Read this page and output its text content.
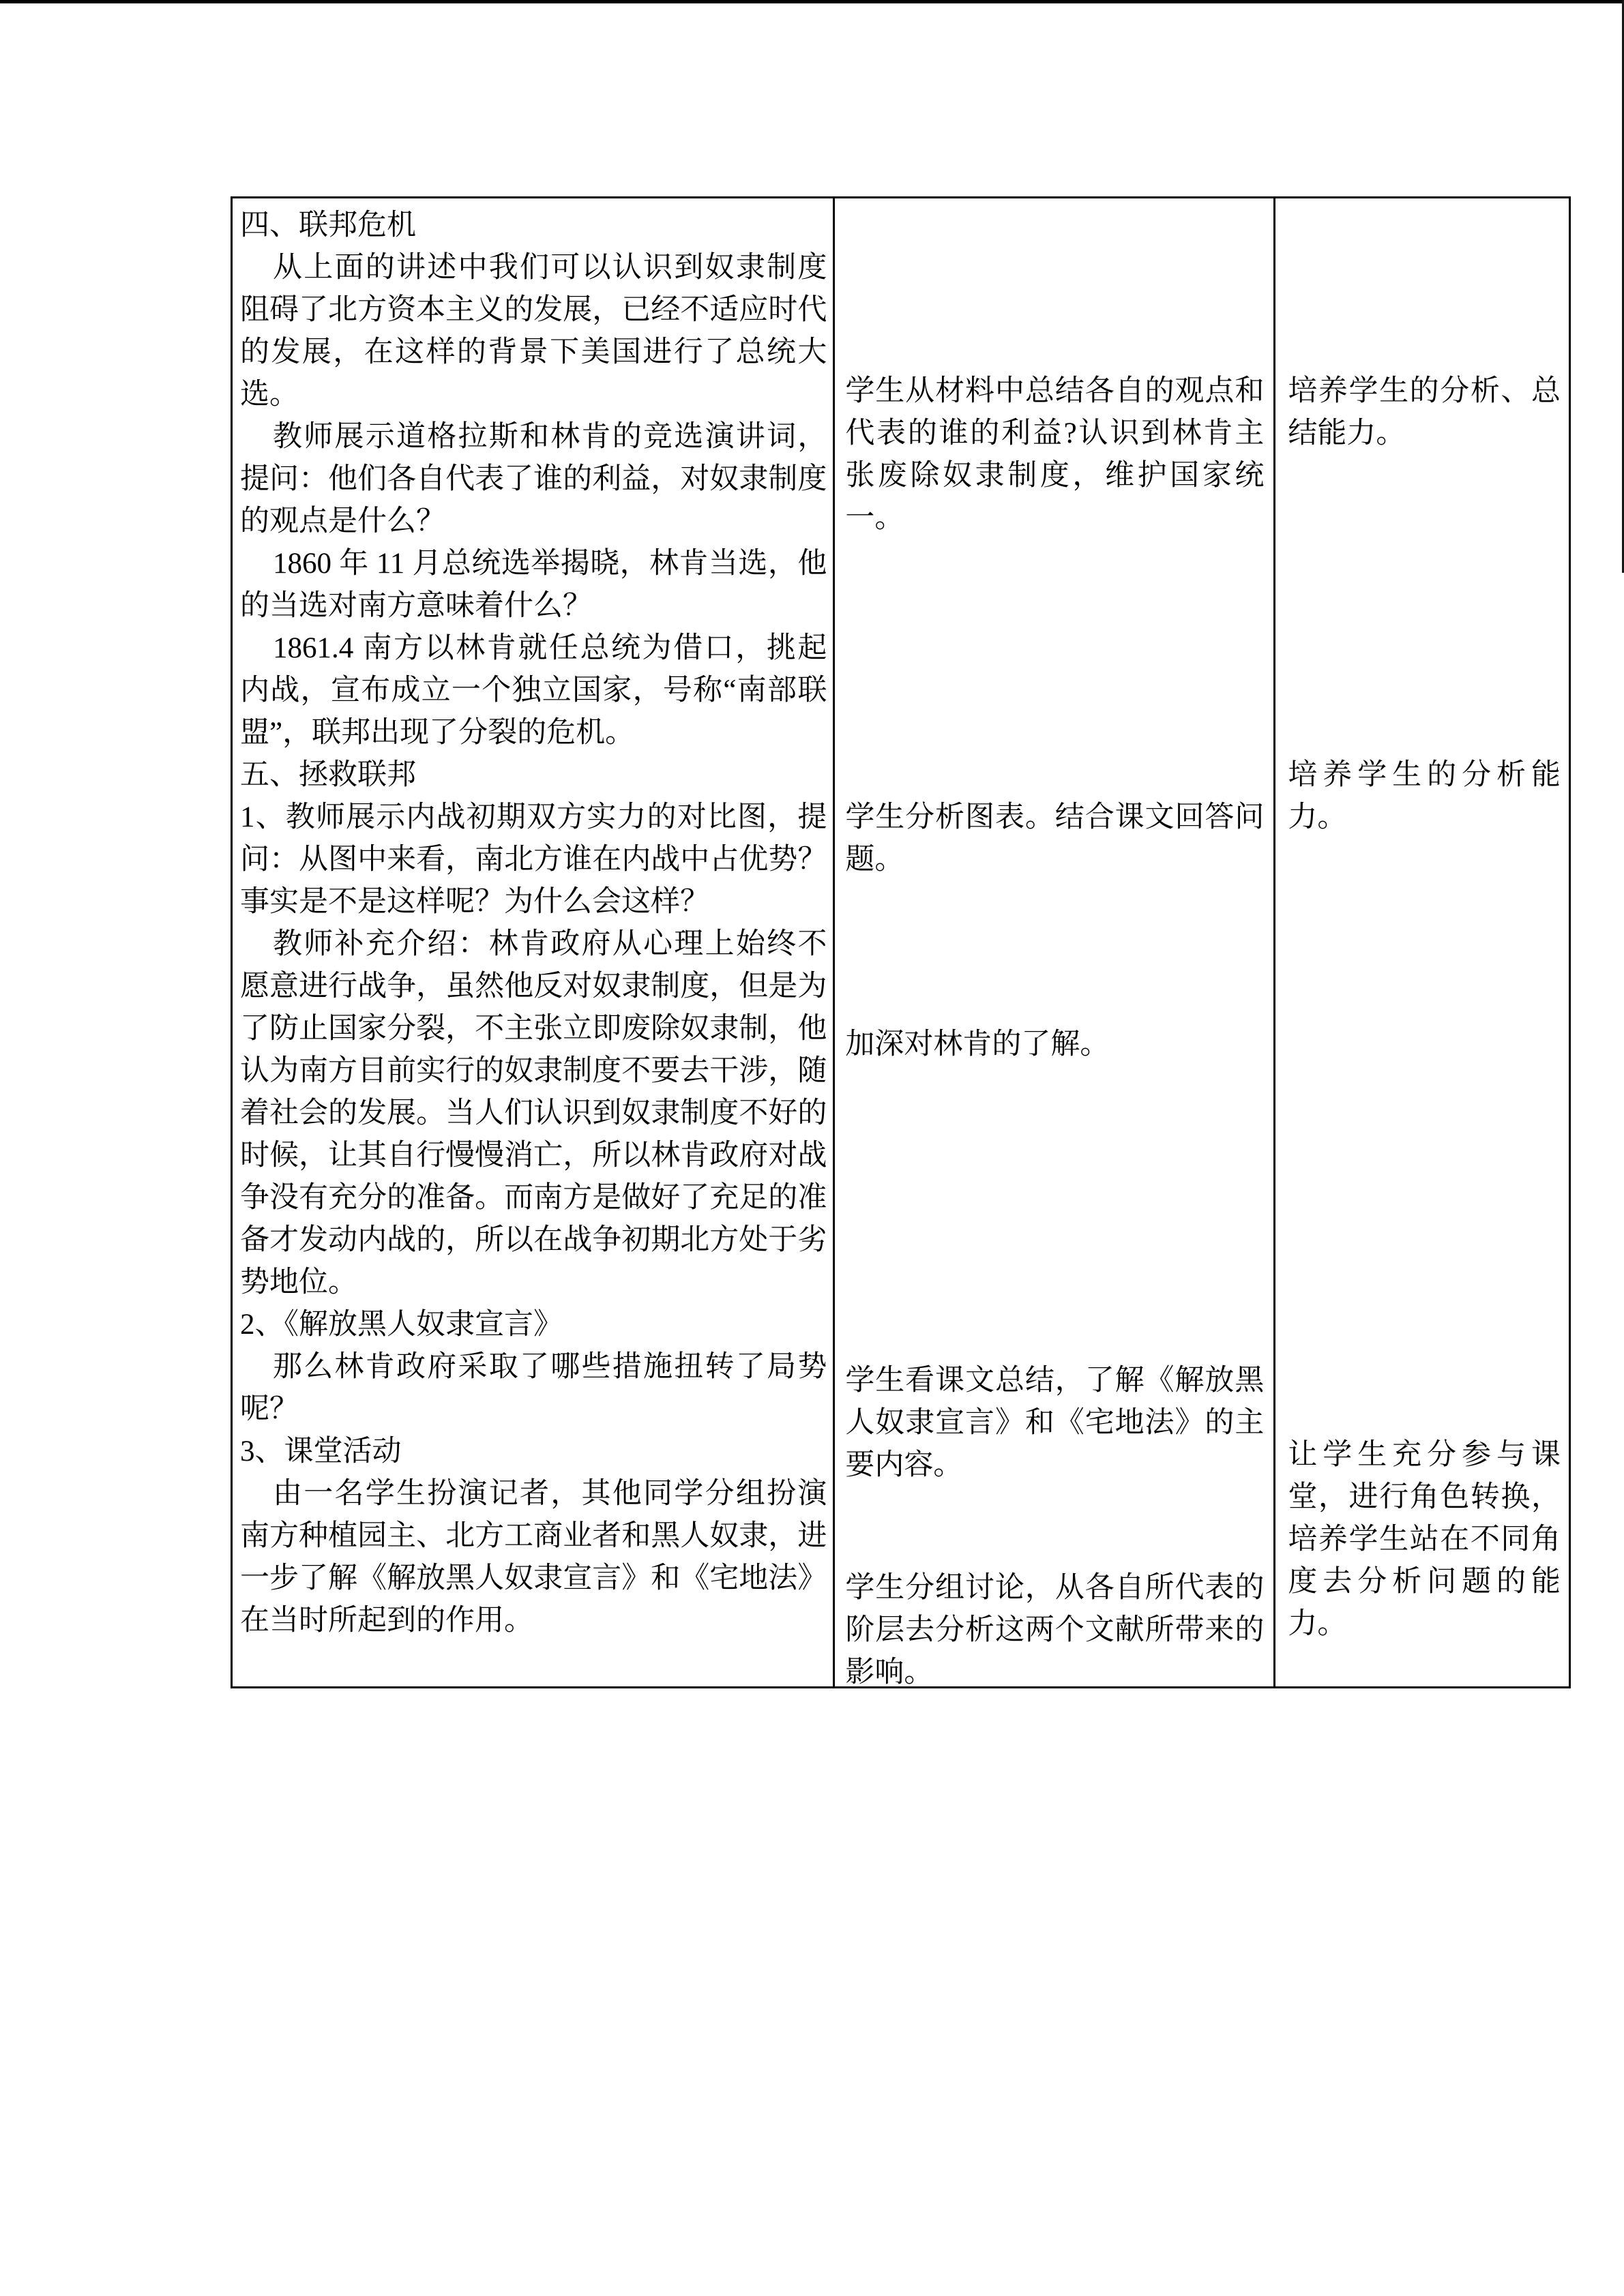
四、联邦危机

从上面的讲述中我们可以认识到奴隶制度阻碍了北方资本主义的发展，已经不适应时代的发展，在这样的背景下美国进行了总统大选。

教师展示道格拉斯和林肯的竞选演讲词，提问：他们各自代表了谁的利益，对奴隶制度的观点是什么？

1860 年 11 月总统选举揭晓，林肯当选，他的当选对南方意味着什么？

1861.4 南方以林肯就任总统为借口，挑起内战，宣布成立一个独立国家，号称“南部联盟”，联邦出现了分裂的危机。

五、拯救联邦

1、教师展示内战初期双方实力的对比图，提问：从图中来看，南北方谁在内战中占优势？事实是不是这样呢？为什么会这样？

教师补充介绍：林肯政府从心理上始终不愿意进行战争，虽然他反对奴隶制度，但是为了防止国家分裂，不主张立即废除奴隶制，他认为南方目前实行的奴隶制度不要去干涉，随着社会的发展。当人们认识到奴隶制度不好的时候，让其自行慢慢消亡，所以林肯政府对战争没有充分的准备。而南方是做好了充足的准备才发动内战的，所以在战争初期北方处于劣势地位。

2、《解放黑人奴隶宣言》

那么林肯政府采取了哪些措施扭转了局势呢？

3、课堂活动

由一名学生扮演记者，其他同学分组扮演南方种植园主、北方工商业者和黑人奴隶，进一步了解《解放黑人奴隶宣言》和《宅地法》在当时所起到的作用。

学生从材料中总结各自的观点和代表的谁的利益?认识到林肯主张废除奴隶制度，维护国家统一。
学生分析图表。结合课文回答问题。
加深对林肯的了解。
学生看课文总结，了解《解放黑人奴隶宣言》和《宅地法》的主要内容。
学生分组讨论，从各自所代表的阶层去分析这两个文献所带来的影响。
培养学生的分析、总结能力。
培养学生的分析能力。
让学生充分参与课堂，进行角色转换，培养学生站在不同角度去分析问题的能力。
